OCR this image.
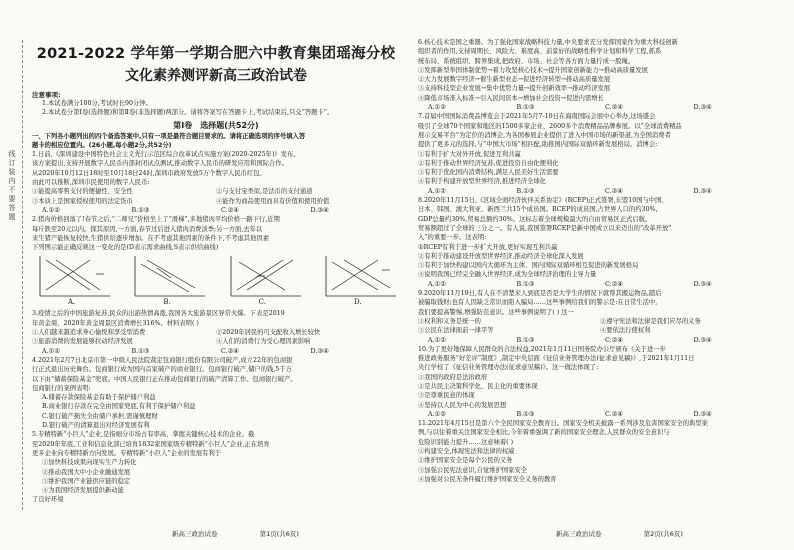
线
订
装
内
不
要
答
题
2021-2022 学年第一学期合肥六中教育集团瑶海分校
文化素养测评新高三政治试卷

注意事项:

1.本试卷满分100分,考试时长90分钟。

2.本试卷分第Ⅰ卷(选择题)和第Ⅱ卷(非选择题)两部分。请将答案写在答题卡上,考试结束后,只交“答题卡”。

第Ⅰ卷　选择题(共52分)

一、下列各小题列出的四个备选答案中,只有一项是最符合题目要求的。请将正确选项的序号填入答

题卡的相应位置内。(26小题,每小题2分,共52分)

1.日前,《深圳建设中国特色社会主义先行示范区综合改革试点实施方案(2020-2025年)》发布。

该方案提出,支持开展数字人民币内部封闭试点测试,推动数字人民币的研发应用和国际合作。

从2020年10月12日18时至10月18日24时,深圳市政府发放5万个数字人民币红包。

由此可以推断,深圳市民使用的数字人民币:

①能提高零售支付的便捷性、安全性	②与支付宝类似,是法币的支付通道
③本质上是国家授权使用的法定货币	④能作为商品使用而具有价值和使用价值
A.①②	B.①③	C.②④	D.③④

2.猪肉价格回落了!春节之后,“二师兄”价格坐上了“滑梯”,多地猪肉平均价格一路下行,近期

每斤跌至20元以内。探其原因,一方面,春节过后进入猪肉消费淡季;另一方面,去年以

来生猪产能恢复较快,生猪供给逐步增加。在不考虑其他因素的条件下,不考虑其他因素

下列图示能正确反映这一变化的是(D表示需求曲线,S表示供给曲线)

A.	B.	C.	D.

3.疫情之后的中国旅游复苏,民众的出游热情高涨,我国各大旅游景区异常火爆。下表是2019

年黄金周、2020年黄金周景区消费增长316%。材料表明( )

①人们越来越追求身心愉悦和享受型消费	②2020年居民的可支配收入增长较快
③旅游消费的发展能够拉动经济发展	④人们的消费行为受心理因素影响
A.①②	B.①③	C.②④	D.③④

4.2021年2月7日北京市第一中级人民法院裁定包商银行股份有限公司破产,成立22年的包商银

行正式退出历史舞台。包商银行成为国内首家破产的商业银行。包商银行破产,储户的钱,5千万

以下由“储蓄保险基金”兜底。中国人民银行正在推动包商银行的破产清算工作。包商银行破产。

包商银行的案例表明:

A.储蓄存款保险基金有助于保护储户利益

B.商业银行存款在完全由国家兜底,有利于保护储户利益

C.银行破产损失全由储户承担,需谨慎理财

D.银行破产的清算退出对经济发展有利

5.专精特新“小巨人”企业,是指细分市场占有率高、掌握关键核心技术的企业。截

至2020年年底,工业和信息化部已培育1832家国家级专精特新“小巨人”企业,正在培育

更多企业向专精特新方向发展。专精特新“小巨人”企业的发展有利于

①加快科技成果向现实生产力转化

②推动我国大中小企业融通发展

③维护我国产业链供应链的稳定

④为我国经济发展提供新动能

了良好环境

新高三政治试卷	第1页(共6页)

6.核心技术是国之重器。为了强化国家战略科技力量,中央要求充分发挥国家作为重大科技创新

组织者的作用,支持周期长、风险大、难度高、前景好的战略性科学计划和科学工程,抓系

统布局、系统组织、跨界集成,把政府、市场、社会等各方面力量拧成一股绳。

①发挥新型举国体制优势→着力攻坚核心技术→提升国家创新能力→推动高质量发展

②大力发展数字经济→催生新型业态→促进经济转型→推动高质量发展

③支持科技型企业发展→集中优势力量→提升创新效率→推动经济发展

④降低市场准入标准→引入民间资本→增加社会投资→促进内需增长

A.①②	B.①③	C.②④	D.③④

7.首届中国国际消费品博览会于2021年5月7-10日在海南国际会展中心举办,这场盛会

吸引了全球70个国家和地区的1500多家企业、2600多个消费精品品牌参展。以“全球消费精品

展示交易平台”为定位的消博会,为各国参展企业提供了进入中国市场的新渠道,为全国消费者

提供了更多元的选择,与“中国大市场”相匹配,助推国内国际双循环新发展格局。消博会:

①有利于扩大对外开放,促进互利共赢

②有利于推动世界经济复苏,促进投资自由化便利化

③有利于优化国内消费结构,满足人民美好生活需要

④有利于构建开放型世界经济,推进经济全球化

A.①②	B.①③	C.②④	D.③④

8.2020年11月15日,《区域全面经济伙伴关系协定》(RCEP)正式签署,东盟10国与中国、

日本、韩国、澳大利亚、新西兰共15个成员国。RCEP的成员国,占世界人口的约30%,

GDP总量约30%,贸易总额约30%。这标志着全球规模最大的自由贸易区正式启航。

贸易额超过了全球的三分之一。有人说,我国签署RCEP是新中国成立以来迈出的“改革开放”

入”的重要一步。这表明:

①RCEP有利于进一步扩大开放,更好实现互利共赢

②有利于推动建设开放型世界经济,推动经济全球化深入发展

③有利于加快构建以国内大循环为主体、国内国际双循环相互促进的新发展格局

④说明我国已经完全融入世界经济,成为全球经济治理的主导力量

A.①②	B.①③	C.②④	D.③④

9.2020年11月19日,有人在不清楚来人到底是否是大学生的情况下就帮其搬运物品,随后

被骗取钱财;也有人因缺乏常识而陷入骗局……这些事例给我们的警示是:在日常生活中,

我们要提高警惕,增强防范意识。这些事例说明了( ) 这一

①权利和义务是统一的	②遵守宪法和法律是我们应尽的义务
③公民在法律面前一律平等	④要依法行使权利
A.①②	B.①③	C.②④	D.③④

10.为了更好地保障人民群众的合法权益,2021年1月11日国务院办公厅颁布《关于进一步

推进政务服务“好差评”制度》,制定中央层面《征信业务管理办法(征求意见稿)》,于2021年1月11日

央行学校了《征信业务管理办法(征求意见稿)》。这一做法体现了:

①我国的政府是法治政府

②是共民主决策科学化、民主化的重要体现

③是尊重民意的体现

④坚持以人民为中心的发展思想

A.①②	B.①③	C.②④	D.③④

11.2021年4月15日是第六个全民国家安全教育日。国家安全机关披露一系列涉及危害国家安全的典型案

例,与以往着重关注国家安全相比,今年着重强调了新的国家安全理念,人民群众的安全意识与

危险识别能力提升……这意味着( )

①构建安全,体现宪法和法律的权威

②维护国家安全是每个公民的义务

③加强公民宪法意识,自觉维护国家安全

④加强对公民无条件履行维护国家安全义务的教育

新高三政治试卷	第2页(共6页)
